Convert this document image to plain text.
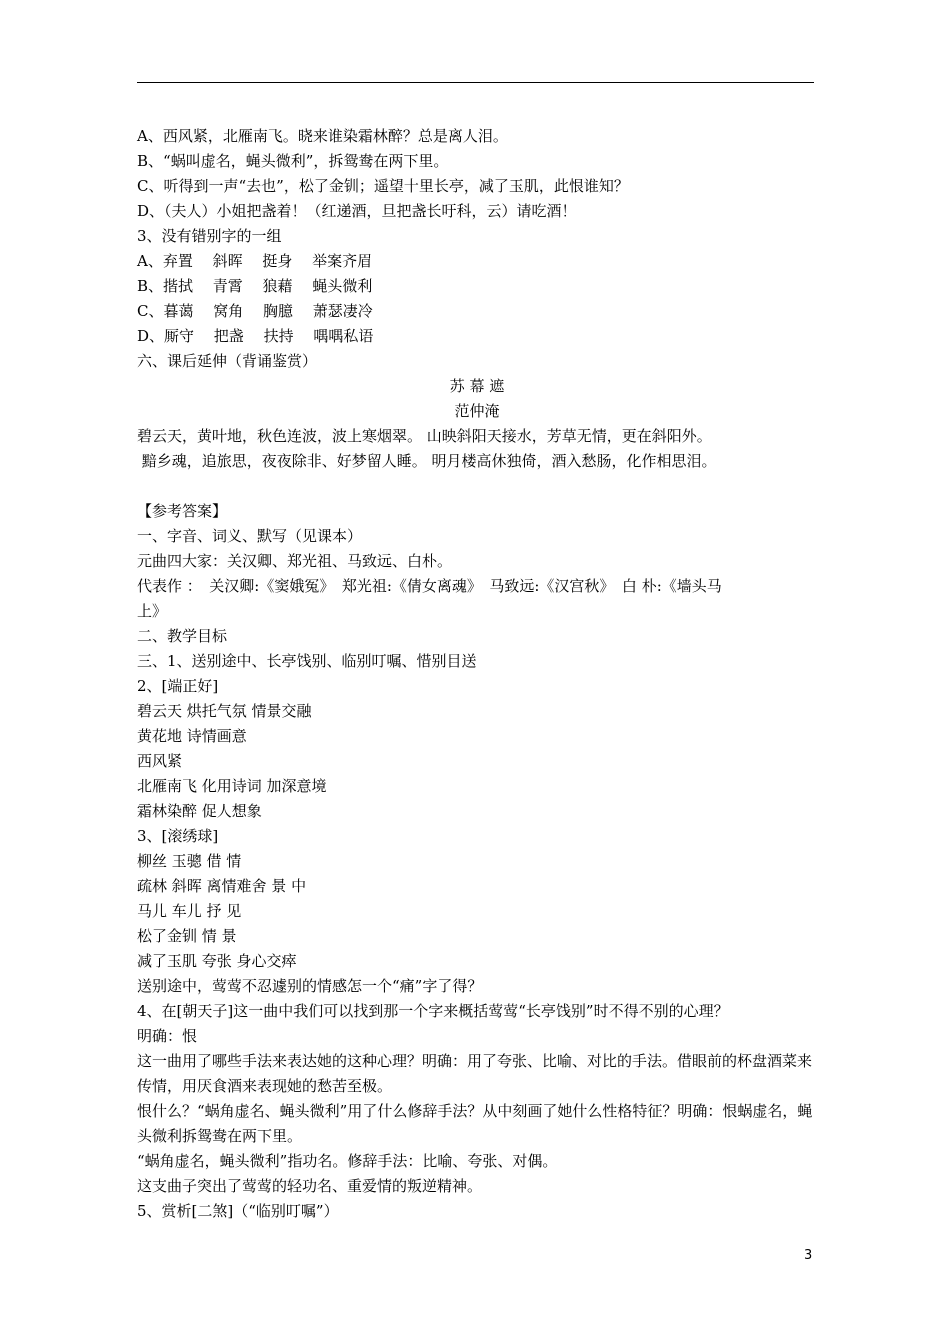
A、西风紧，北雁南飞。晓来谁染霜林醉？总是离人泪。
B、“蜗叫虚名，蝇头微利”，拆鸳鸯在两下里。
C、听得到一声“去也”，松了金钏；遥望十里长亭，减了玉肌，此恨谁知？
D、（夫人）小姐把盏着！（红递酒，旦把盏长吁科，云）请吃酒！
3、没有错别字的一组
A、弃置　 斜晖　 挺身　 举案齐眉
B、揩拭　 青霄　 狼藉　 蝇头微利
C、暮蔼　 窝角　 胸臆　 萧瑟凄冷
D、厮守　 把盏　 扶持　 喁喁私语
六、课后延伸（背诵鉴赏）
苏 幕 遮
范仲淹
碧云天，黄叶地，秋色连波，波上寒烟翠。 山映斜阳天接水，芳草无情，更在斜阳外。
黯乡魂，追旅思，夜夜除非、好梦留人睡。 明月楼高休独倚，酒入愁肠，化作相思泪。
【参考答案】
一、字音、词义、默写（见课本）
元曲四大家：关汉卿、郑光祖、马致远、白朴。
代表作 ：　关汉卿:《窦娥冤》　郑光祖:《倩女离魂》　马致远:《汉宫秋》　白 朴:《墙头马
上》
二、教学目标
三、1、送别途中、长亭饯别、临别叮嘱、惜别目送
2、[端正好]
碧云天 烘托气氛 情景交融
黄花地 诗情画意
西风紧
北雁南飞 化用诗词 加深意境
霜林染醉 促人想象
3、[滚绣球]
柳丝 玉骢 借 情
疏林 斜晖 离情难舍 景 中
马儿 车儿 抒 见
松了金钏 情 景
减了玉肌 夸张 身心交瘁
送别途中，莺莺不忍遽别的情感怎一个“痛”字了得？
4、在[朝天子]这一曲中我们可以找到那一个字来概括莺莺“长亭饯别”时不得不别的心理？
明确：恨
这一曲用了哪些手法来表达她的这种心理？明确：用了夸张、比喻、对比的手法。借眼前的杯盘酒菜来传情，用厌食酒来表现她的愁苦至极。
恨什么？“蜗角虚名、蝇头微利”用了什么修辞手法？从中刻画了她什么性格特征？明确：恨蜗虚名，蝇头微利拆鸳鸯在两下里。
“蜗角虚名，蝇头微利”指功名。修辞手法：比喻、夸张、对偶。
这支曲子突出了莺莺的轻功名、重爱情的叛逆精神。
5、赏析[二煞]（“临别叮嘱”）
3
